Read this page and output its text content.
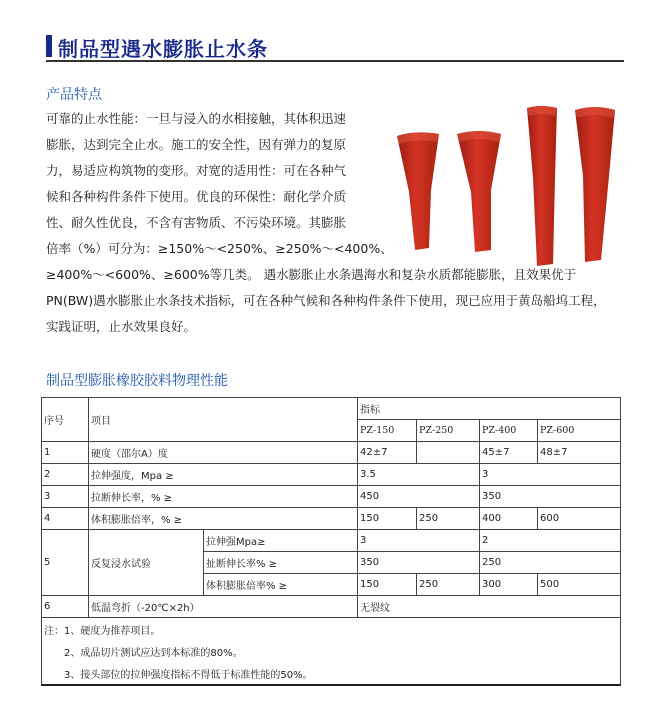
制品型遇水膨胀止水条
产品特点
可靠的止水性能：一旦与浸入的水相接触，其体积迅速
膨胀，达到完全止水。施工的安全性，因有弹力的复原
力，易适应构筑物的变形。对宽的适用性：可在各种气
候和各种构件条件下使用。优良的环保性：耐化学介质
性、耐久性优良，不含有害物质、不污染环境。其膨胀
倍率（%）可分为：≥150%～<250%、≥250%～<400%、
≥400%～<600%、≥600%等几类。 遇水膨胀止水条遇海水和复杂水质都能膨胀，且效果优于
PN(BW)遇水膨胀止水条技术指标，可在各种气候和各种构件条件下使用，现已应用于黄岛船坞工程，
实践证明，止水效果良好。
制品型膨胀橡胶胶料物理性能
序号	项目		指标			
			PZ-150	PZ-250	PZ-400	PZ-600
1	硬度（邵尔A）度		42±7		45±7	48±7
2	拉伸强度，Mpa ≥		3.5		3	
3	拉断伸长率，% ≥		450		350	
4	体积膨胀倍率，% ≥		150	250	400	600
5	反复浸水试验	拉伸强Mpa≥	3		2	
		扯断伸长率% ≥	350		250	
		体积膨胀倍率% ≥	150	250	300	500
6	低温弯折（-20℃×2h）		无裂纹			
注：1、硬度为推荐项目。						
2、成品切片测试应达到本标准的80%。						
3、接头部位的拉伸强度指标不得低于标准性能的50%。						
